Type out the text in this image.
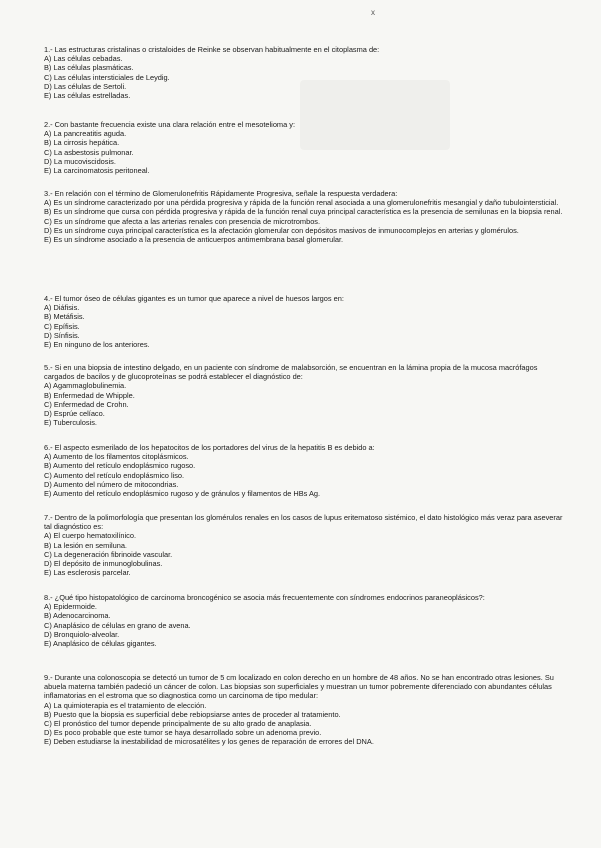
x

1.- Las estructuras cristalinas o cristaloides de Reinke se observan habitualmente en el citoplasma de:

A) Las células cebadas.

B) Las células plasmáticas.

C) Las células intersticiales de Leydig.

D) Las células de Sertoli.

E) Las células estrelladas.

2.- Con bastante frecuencia existe una clara relación entre el mesotelioma y:

A) La pancreatitis aguda.

B) La cirrosis hepática.

C) La asbestosis pulmonar.

D) La mucoviscidosis.

E) La carcinomatosis peritoneal.

3.- En relación con el término de Glomerulonefritis Rápidamente Progresiva, señale la respuesta verdadera:

A) Es un síndrome caracterizado por una pérdida progresiva y rápida de la función renal asociada a una glomerulonefritis mesangial y daño tubulointersticial.

B) Es un síndrome que cursa con pérdida progresiva y rápida de la función renal cuya principal característica es la presencia de semilunas en la biopsia renal.

C) Es un síndrome que afecta a las arterias renales con presencia de microtrombos.

D) Es un síndrome cuya principal característica es la afectación glomerular con depósitos masivos de inmunocomplejos en arterias y glomérulos.

E) Es un síndrome asociado a la presencia de anticuerpos antimembrana basal glomerular.

4.- El tumor óseo de células gigantes es un tumor que aparece a nivel de huesos largos en:

A) Diáfisis.

B) Metáfisis.

C) Epífisis.

D) Sínfisis.

E) En ninguno de los anteriores.

5.- Si en una biopsia de intestino delgado, en un paciente con síndrome de malabsorción, se encuentran en la lámina propia de la mucosa macrófagos cargados de bacilos y de glucoproteínas se podrá establecer el diagnóstico de:

A) Agammaglobulinemia.

B) Enfermedad de Whipple.

C) Enfermedad de Crohn.

D) Esprúe celíaco.

E) Tuberculosis.

6.- El aspecto esmerilado de los hepatocitos de los portadores del virus de la hepatitis B es debido a:

A) Aumento de los filamentos citoplásmicos.

B) Aumento del retículo endoplásmico rugoso.

C) Aumento del retículo endoplásmico liso.

D) Aumento del número de mitocondrias.

E) Aumento del retículo endoplásmico rugoso y de gránulos y filamentos de HBs Ag.

7.- Dentro de la polimorfología que presentan los glomérulos renales en los casos de lupus eritematoso sistémico, el dato histológico más veraz para aseverar tal diagnóstico es:

A) El cuerpo hematoxilínico.

B) La lesión en semiluna.

C) La degeneración fibrinoide vascular.

D) El depósito de inmunoglobulinas.

E) Las esclerosis parcelar.

8.- ¿Qué tipo histopatológico de carcinoma broncogénico se asocia más frecuentemente con síndromes endocrinos paraneoplásicos?:

A) Epidermoide.

B) Adenocarcinoma.

C) Anaplásico de células en grano de avena.

D) Bronquiolo-alveolar.

E) Anaplásico de células gigantes.

9.- Durante una colonoscopia se detectó un tumor de 5 cm localizado en colon derecho en un hombre de 48 años. No se han encontrado otras lesiones. Su abuela materna también padeció un cáncer de colon. Las biopsias son superficiales y muestran un tumor pobremente diferenciado con abundantes células inflamatorias en el estroma que so diagnostica como un carcinoma de tipo medular:

A) La quimioterapia es el tratamiento de elección.

B) Puesto que la biopsia es superficial debe rebiopsiarse antes de proceder al tratamiento.

C) El pronóstico del tumor depende principalmente de su alto grado de anaplasia.

D) Es poco probable que este tumor se haya desarrollado sobre un adenoma previo.

E) Deben estudiarse la inestabilidad de microsatélites y los genes de reparación de errores del DNA.
